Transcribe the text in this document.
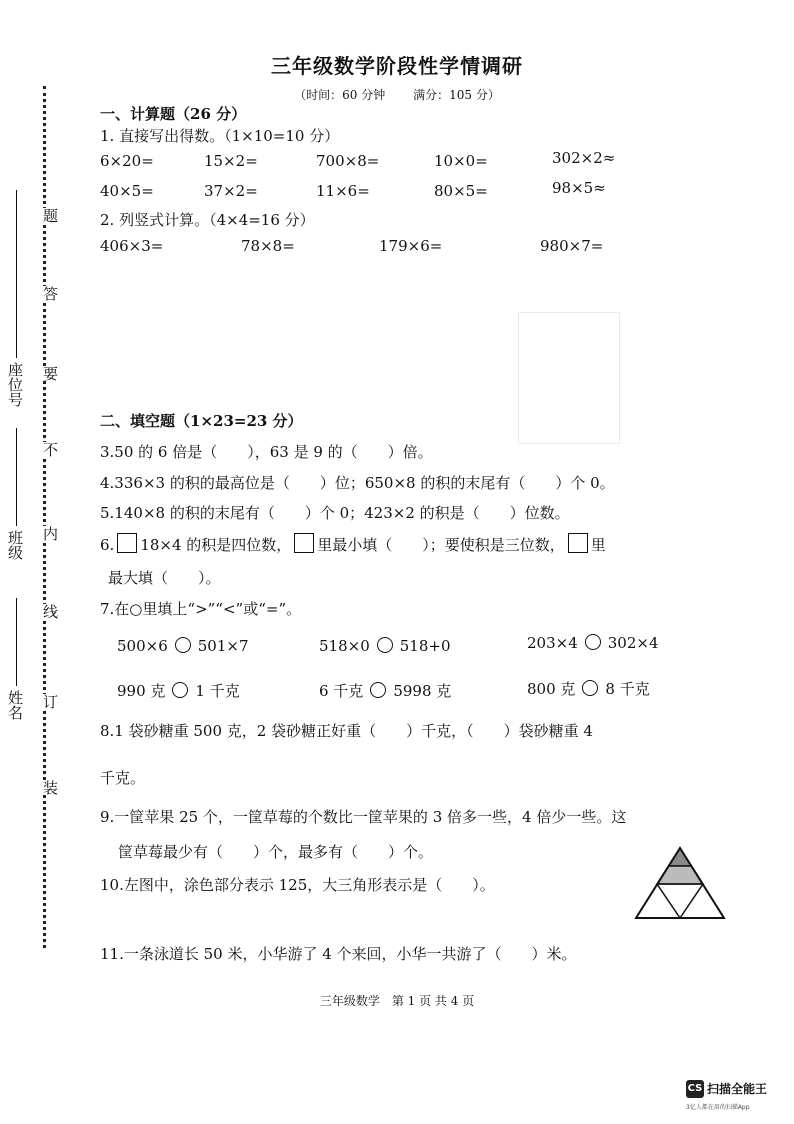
姓名
班级
座位号
装
订
线
内
不
要
答
题
三年级数学阶段性学情调研
（时间：60 分钟 满分：105 分）
一、计算题（26 分）
1. 直接写出得数。（1×10=10 分）
6×20=	15×2=	700×8=	10×0=	302×2≈
40×5=	37×2=	11×6=	80×5=	98×5≈
2. 列竖式计算。（4×4=16 分）
406×3=	78×8=	179×6=	980×7=
二、填空题（1×23=23 分）
3.50 的 6 倍是（　　），63 是 9 的（　　）倍。
4.336×3 的积的最高位是（　　）位；650×8 的积的末尾有（　　）个 0。
5.140×8 的积的末尾有（　　）个 0；423×2 的积是（　　）位数。
6. 18×4 的积是四位数， 里最小填（　　）；要使积是三位数， 里
最大填（　　）。
7.在○里填上“>”“<”或“=”。
500×6 501×7	518×0 518+0	203×4 302×4
990 克 1 千克	6 千克 5998 克	800 克 8 千克
8.1 袋砂糖重 500 克，2 袋砂糖正好重（　　）千克，（　　）袋砂糖重 4
千克。
9.一筐苹果 25 个，一筐草莓的个数比一筐苹果的 3 倍多一些，4 倍少一些。这
筐草莓最少有（　　）个，最多有（　　）个。
10.左图中，涂色部分表示 125，大三角形表示是（　　）。
11.一条泳道长 50 米，小华游了 4 个来回，小华一共游了（　　）米。
三年级数学　第 1 页 共 4 页
CS 扫描全能王
3亿人都在用的扫描App
